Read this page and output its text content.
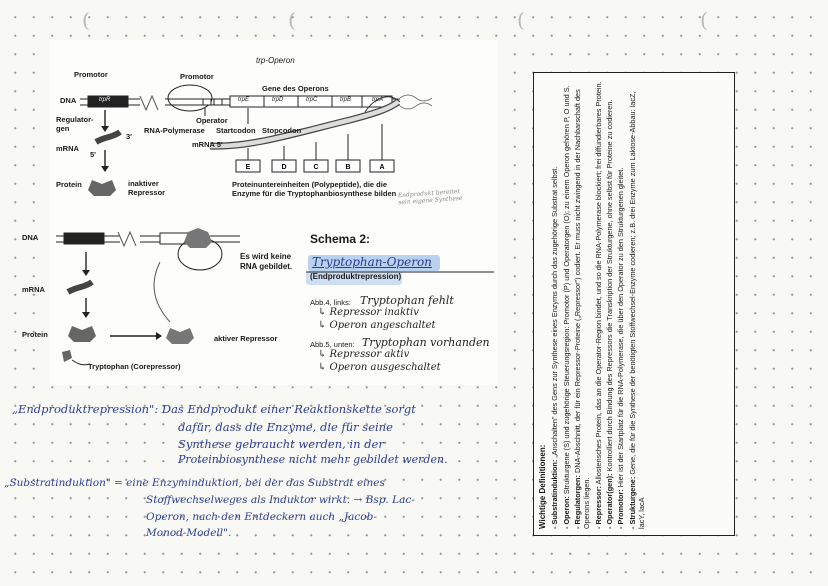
(	(	(	(
E	D	C	B	A
trp-Operon
Promotor	Promotor
Gene des Operons
DNA	trpR	trpE	trpD	trpC	trpB	trpA
Regulator-
gen
Operator
RNA-Polymerase Startcodon Stopcodon
mRNA	mRNA 5'
3'
5'
Protein	inaktiver
Repressor
Proteinuntereinheiten (Polypeptide), die die
Enzyme für die Tryptophanbiosynthese bilden Endprodukt bereitet
sein eigene Synthese
DNA
mRNA
Protein
Es wird keine
RNA gebildet.
aktiver Repressor
Tryptophan (Corepressor)
Schema 2:
Tryptophan-Operon
(Endproduktrepression)
Abb.4, links: Tryptophan fehlt
↳ Repressor inaktiv
↳ Operon angeschaltet
Abb.5, unten: Tryptophan vorhanden
↳ Repressor aktiv
↳ Operon ausgeschaltet
„Endproduktrepression": Das Endprodukt einer Reaktionskette sorgt
dafür, dass die Enzyme, die für seine
Synthese gebraucht werden, in der
Proteinbiosynthese nicht mehr gebildet werden.
„Substratinduktion" = eine Enzyminduktion, bei der das Substrat eines
Stoffwechselweges als Induktor wirkt. → Bsp. Lac-
Operon, nach den Entdeckern auch „Jacob-
Monod-Modell".

Wichtige Definitionen: - Substratinduktion: „Anschalten" des Gens zur Synthese eines Enzyms durch das zugehörige Substrat selbst.

- Operon: Strukturgene (S) und zugehörige Steuerungsregion: Promotor (P) und Operatorgen (O); zu einem Operon gehören P, O und S.

- Regulatorgen: DNA-Abschnitt, der für ein Repressor-Proteine („Repressor") codiert. Er muss nicht zwingend in der Nachbarschaft des Operons liegen. - Repressor: Allosterisches Protein, das an die Operator-Region bindet, und so die RNA-Polymerase blockiert; frei diffundierbares Protein.

- Operator(gen): Kontrolliert durch Bindung des Repressors die Transkription der Strukturgene, ohne selbst für Proteine zu codieren.

- Promotor: Hier ist der Startplatz für die RNA-Polymerase, die über den Operator zu den Strukturgenen gleitet.

- Strukturgene: Gene, die für die Synthese der benötigten Stoffwechsel-Enzyme codieren; z.B. drei Enzyme zum Laktose-Abbau: lacZ, lacY, lacA
